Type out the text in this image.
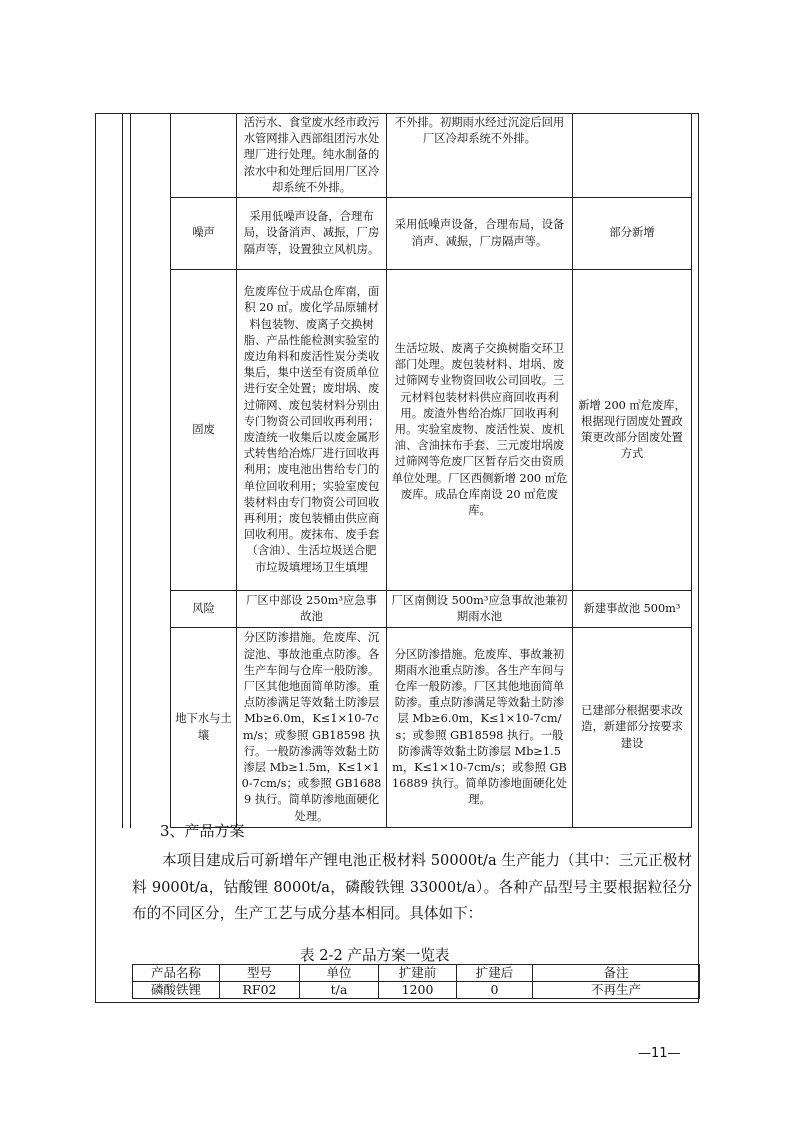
	活污水、食堂废水经市政污水管网排入西部组团污水处理厂进行处理。纯水制备的浓水中和处理后回用厂区冷却系统不外排。	不外排。初期雨水经过沉淀后回用厂区冷却系统不外排。	
噪声	采用低噪声设备，合理布局，设备消声、减振，厂房隔声等，设置独立风机房。	采用低噪声设备，合理布局，设备消声、减振，厂房隔声等。	部分新增
固废	危废库位于成品仓库南，面积 20 ㎡。废化学品原辅材料包装物、废离子交换树脂、产品性能检测实验室的废边角料和废活性炭分类收集后，集中送至有资质单位进行安全处置；废坩埚、废过筛网、废包装材料分别由专门物资公司回收再利用；废渣统一收集后以废金属形式转售给冶炼厂进行回收再利用；废电池出售给专门的单位回收利用；实验室废包装材料由专门物资公司回收再利用；废包装桶由供应商回收利用。废抹布、废手套（含油）、生活垃圾送合肥市垃圾填埋场卫生填埋	生活垃圾、废离子交换树脂交环卫部门处理。废包装材料、坩埚、废过筛网专业物资回收公司回收。三元材料包装材料供应商回收再利用。废渣外售给冶炼厂回收再利用。实验室废物、废活性炭、废机油、含油抹布手套、三元废坩埚废过筛网等危废厂区暂存后交由资质单位处理。厂区西侧新增 200 ㎡危废库。成品仓库南设 20 ㎡危废库。	新增 200 ㎡危废库，根据现行固废处置政策更改部分固废处置方式
风险	厂区中部设 250m³应急事故池	厂区南侧设 500m³应急事故池兼初期雨水池	新建事故池 500m³
地下水与土壤	分区防渗措施。危废库、沉淀池、事故池重点防渗。各生产车间与仓库一般防渗。厂区其他地面简单防渗。重点防渗满足等效黏土防渗层 Mb≥6.0m，K≤1×10-7cm/s；或参照 GB18598 执行。一般防渗满等效黏土防渗层 Mb≥1.5m，K≤1×10-7cm/s；或参照 GB16889 执行。简单防渗地面硬化处理。	分区防渗措施。危废库、事故兼初期雨水池重点防渗。各生产车间与仓库一般防渗。厂区其他地面简单防渗。重点防渗满足等效黏土防渗层 Mb≥6.0m，K≤1×10-7cm/s；或参照 GB18598 执行。一般防渗满等效黏土防渗层 Mb≥1.5m，K≤1×10-7cm/s；或参照 GB16889 执行。简单防渗地面硬化处理。	已建部分根据要求改造，新建部分按要求建设
3、产品方案
本项目建成后可新增年产锂电池正极材料 50000t/a 生产能力（其中：三元正极材料 9000t/a，钴酸锂 8000t/a，磷酸铁锂 33000t/a）。各种产品型号主要根据粒径分布的不同区分，生产工艺与成分基本相同。具体如下：
表 2-2 产品方案一览表
产品名称	型号	单位	扩建前	扩建后	备注
磷酸铁锂	RF02	t/a	1200	0	不再生产
—11—
